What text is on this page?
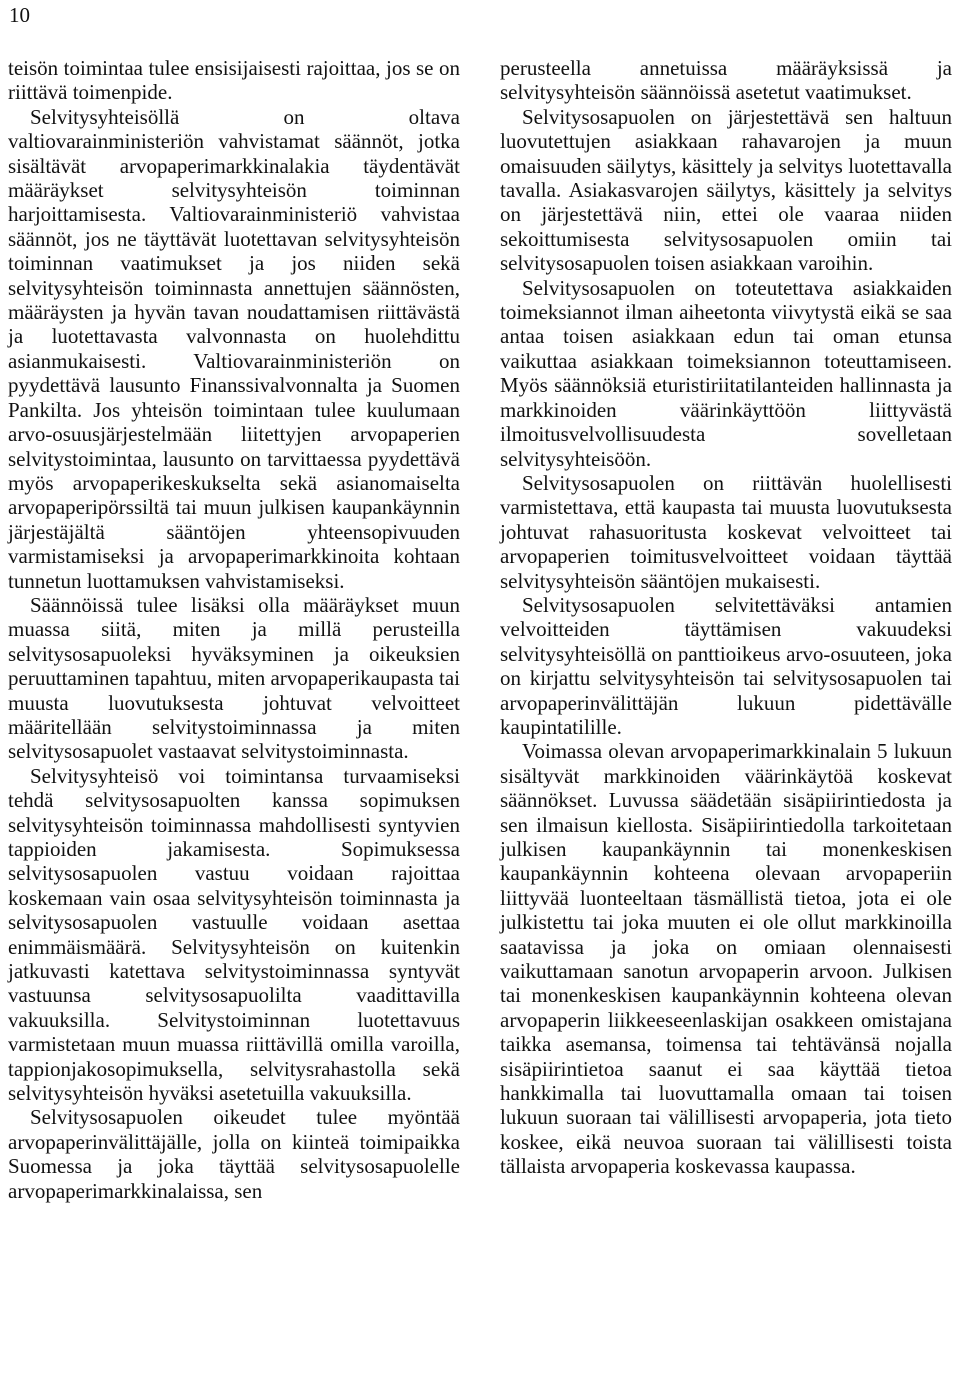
10

teisön toimintaa tulee ensisijaisesti rajoittaa, jos se on riittävä toimenpide.

Selvitysyhteisöllä on oltava valtiovarainministeriön vahvistamat säännöt, jotka sisältävät arvopaperimarkkinalakia täydentävät määräykset selvitysyhteisön toiminnan harjoittamisesta. Valtiovarainministeriö vahvistaa säännöt, jos ne täyttävät luotettavan selvitysyhteisön toiminnan vaatimukset ja jos niiden sekä selvitysyhteisön toiminnasta annettujen säännösten, määräysten ja hyvän tavan noudattamisen riittävästä ja luotettavasta valvonnasta on huolehdittu asianmukaisesti. Valtiovarainministeriön on pyydettävä lausunto Finanssivalvonnalta ja Suomen Pankilta. Jos yhteisön toimintaan tulee kuulumaan arvo-osuusjärjestelmään liitettyjen arvopaperien selvitystoimintaa, lausunto on tarvittaessa pyydettävä myös arvopaperikeskukselta sekä asianomaiselta arvopaperipörssiltä tai muun julkisen kaupankäynnin järjestäjältä sääntöjen yhteensopivuuden varmistamiseksi ja arvopaperimarkkinoita kohtaan tunnetun luottamuksen vahvistamiseksi.

Säännöissä tulee lisäksi olla määräykset muun muassa siitä, miten ja millä perusteilla selvitysosapuoleksi hyväksyminen ja oikeuksien peruuttaminen tapahtuu, miten arvopaperikaupasta tai muusta luovutuksesta johtuvat velvoitteet määritellään selvitystoiminnassa ja miten selvitysosapuolet vastaavat selvitystoiminnasta.

Selvitysyhteisö voi toimintansa turvaamiseksi tehdä selvitysosapuolten kanssa sopimuksen selvitysyhteisön toiminnassa mahdollisesti syntyvien tappioiden jakamisesta. Sopimuksessa selvitysosapuolen vastuu voidaan rajoittaa koskemaan vain osaa selvitysyhteisön toiminnasta ja selvitysosapuolen vastuulle voidaan asettaa enimmäismäärä. Selvitysyhteisön on kuitenkin jatkuvasti katettava selvitystoiminnassa syntyvät vastuunsa selvitysosapuolilta vaadittavilla vakuuksilla. Selvitystoiminnan luotettavuus varmistetaan muun muassa riittävillä omilla varoilla, tappionjakosopimuksella, selvitysrahastolla sekä selvitysyhteisön hyväksi asetetuilla vakuuksilla.

Selvitysosapuolen oikeudet tulee myöntää arvopaperinvälittäjälle, jolla on kiinteä toimipaikka Suomessa ja joka täyttää selvitysosapuolelle arvopaperimarkkinalaissa, sen

perusteella annetuissa määräyksissä ja selvitysyhteisön säännöissä asetetut vaatimukset.

Selvitysosapuolen on järjestettävä sen haltuun luovutettujen asiakkaan rahavarojen ja muun omaisuuden säilytys, käsittely ja selvitys luotettavalla tavalla. Asiakasvarojen säilytys, käsittely ja selvitys on järjestettävä niin, ettei ole vaaraa niiden sekoittumisesta selvitysosapuolen omiin tai selvitysosapuolen toisen asiakkaan varoihin.

Selvitysosapuolen on toteutettava asiakkaiden toimeksiannot ilman aiheetonta viivytystä eikä se saa antaa toisen asiakkaan edun tai oman etunsa vaikuttaa asiakkaan toimeksiannon toteuttamiseen. Myös säännöksiä eturistiriitatilanteiden hallinnasta ja markkinoiden väärinkäyttöön liittyvästä ilmoitusvelvollisuudesta sovelletaan selvitysyhteisöön.

Selvitysosapuolen on riittävän huolellisesti varmistettava, että kaupasta tai muusta luovutuksesta johtuvat rahasuoritusta koskevat velvoitteet tai arvopaperien toimitusvelvoitteet voidaan täyttää selvitysyhteisön sääntöjen mukaisesti.

Selvitysosapuolen selvitettäväksi antamien velvoitteiden täyttämisen vakuudeksi selvitysyhteisöllä on panttioikeus arvo-osuuteen, joka on kirjattu selvitysyhteisön tai selvitysosapuolen tai arvopaperinvälittäjän lukuun pidettävälle kaupintatilille.

Voimassa olevan arvopaperimarkkinalain 5 lukuun sisältyvät markkinoiden väärinkäytöä koskevat säännökset. Luvussa säädetään sisäpiirintiedosta ja sen ilmaisun kiellosta. Sisäpiirintiedolla tarkoitetaan julkisen kaupankäynnin tai monenkeskisen kaupankäynnin kohteena olevaan arvopaperiin liittyvää luonteeltaan täsmällistä tietoa, jota ei ole julkistettu tai joka muuten ei ole ollut markkinoilla saatavissa ja joka on omiaan olennaisesti vaikuttamaan sanotun arvopaperin arvoon. Julkisen tai monenkeskisen kaupankäynnin kohteena olevan arvopaperin liikkeeseenlaskijan osakkeen omistajana taikka asemansa, toimensa tai tehtävänsä nojalla sisäpiirintietoa saanut ei saa käyttää tietoa hankkimalla tai luovuttamalla omaan tai toisen lukuun suoraan tai välillisesti arvopaperia, jota tieto koskee, eikä neuvoa suoraan tai välillisesti toista tällaista arvopaperia koskevassa kaupassa.
